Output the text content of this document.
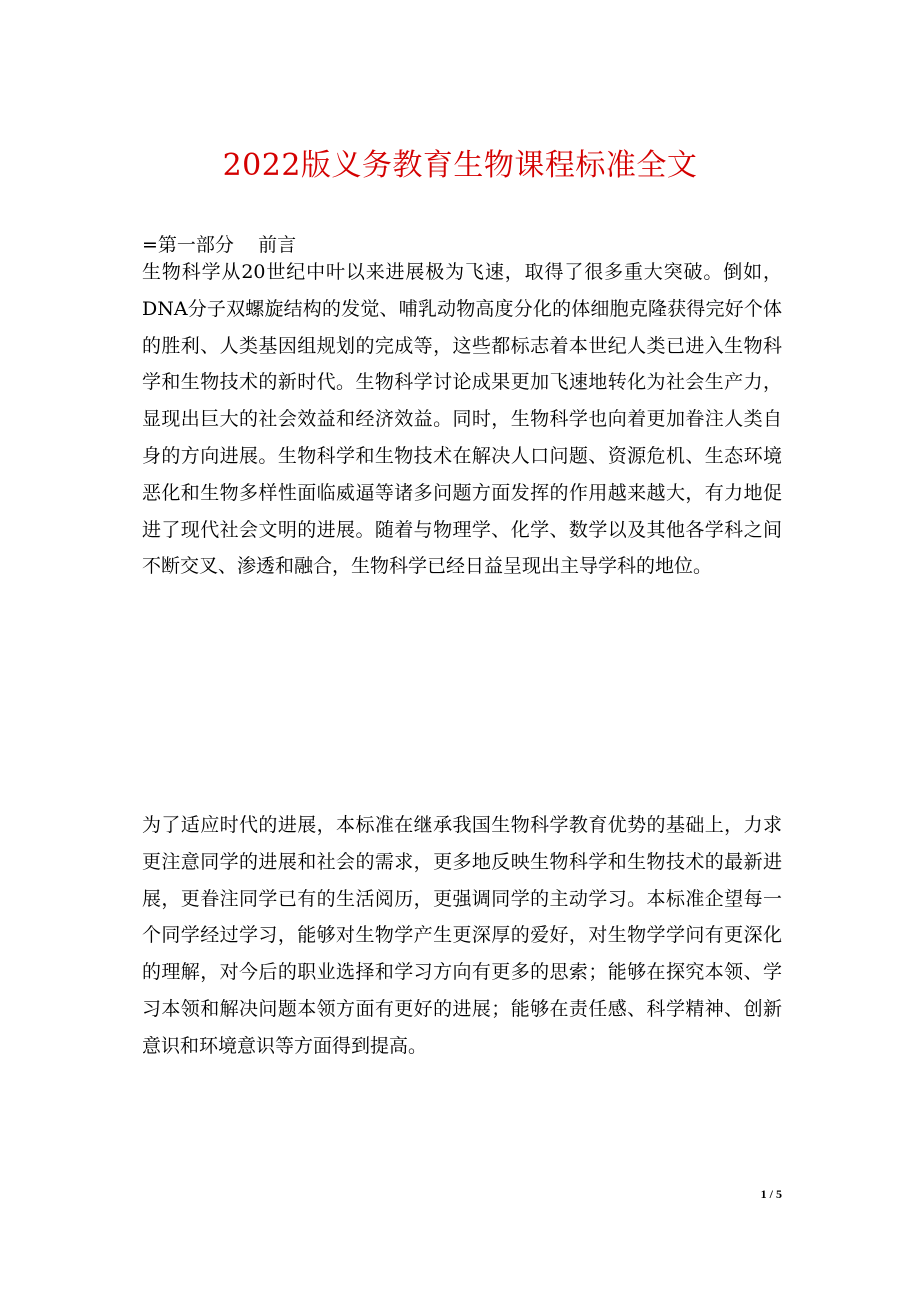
2022版义务教育生物课程标准全文
=第一部分    前言

生物科学从20世纪中叶以来进展极为飞速，取得了很多重大突破。倒如，DNA分子双螺旋结构的发觉、哺乳动物高度分化的体细胞克隆获得完好个体的胜利、人类基因组规划的完成等，这些都标志着本世纪人类已进入生物科学和生物技术的新时代。生物科学讨论成果更加飞速地转化为社会生产力，显现出巨大的社会效益和经济效益。同时，生物科学也向着更加眷注人类自身的方向进展。生物科学和生物技术在解决人口问题、资源危机、生态环境恶化和生物多样性面临威逼等诸多问题方面发挥的作用越来越大，有力地促进了现代社会文明的进展。随着与物理学、化学、数学以及其他各学科之间不断交叉、渗透和融合，生物科学已经日益呈现出主导学科的地位。

为了适应时代的进展，本标准在继承我国生物科学教育优势的基础上，力求更注意同学的进展和社会的需求，更多地反映生物科学和生物技术的最新进展，更眷注同学已有的生活阅历，更强调同学的主动学习。本标准企望每一个同学经过学习，能够对生物学产生更深厚的爱好，对生物学学问有更深化的理解，对今后的职业选择和学习方向有更多的思索；能够在探究本领、学习本领和解决问题本领方面有更好的进展；能够在责任感、科学精神、创新意识和环境意识等方面得到提高。

1 / 5
